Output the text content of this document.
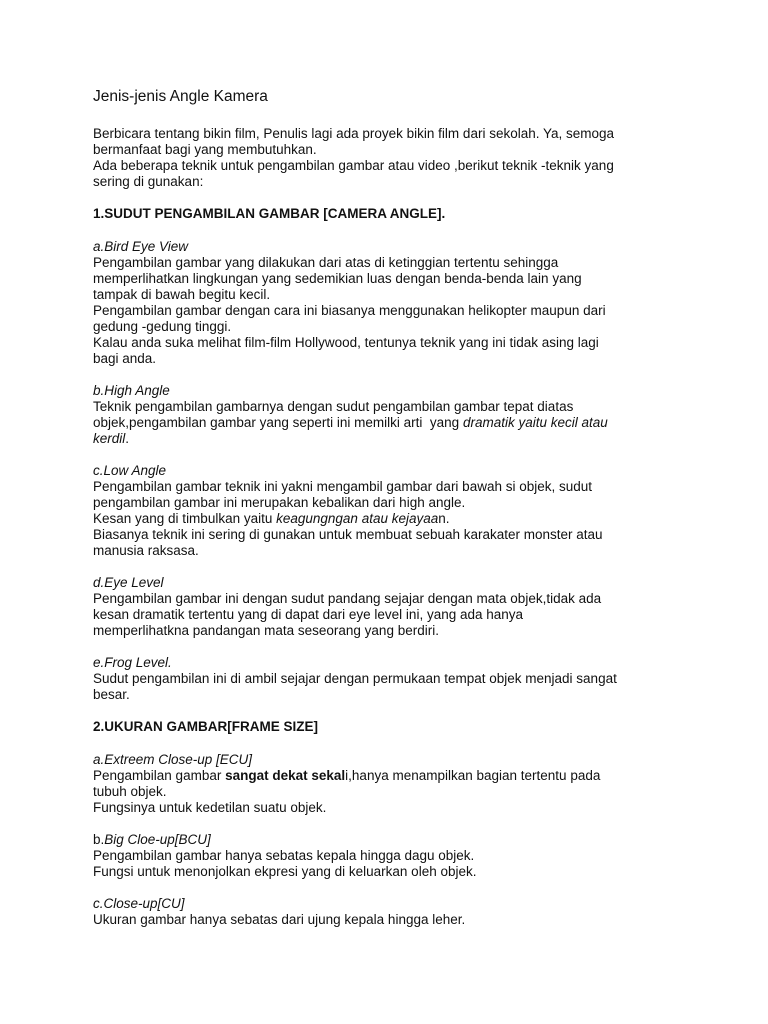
Jenis-jenis Angle Kamera
Berbicara tentang bikin film, Penulis lagi ada proyek bikin film dari sekolah. Ya, semoga
bermanfaat bagi yang membutuhkan.
Ada beberapa teknik untuk pengambilan gambar atau video ,berikut teknik -teknik yang
sering di gunakan:
1.SUDUT PENGAMBILAN GAMBAR [CAMERA ANGLE].
a.Bird Eye View
Pengambilan gambar yang dilakukan dari atas di ketinggian tertentu sehingga
memperlihatkan lingkungan yang sedemikian luas dengan benda-benda lain yang
tampak di bawah begitu kecil.
Pengambilan gambar dengan cara ini biasanya menggunakan helikopter maupun dari
gedung -gedung tinggi.
Kalau anda suka melihat film-film Hollywood, tentunya teknik yang ini tidak asing lagi
bagi anda.
b.High Angle
Teknik pengambilan gambarnya dengan sudut pengambilan gambar tepat diatas
objek,pengambilan gambar yang seperti ini memilki arti  yang dramatik yaitu kecil atau
kerdil.
c.Low Angle
Pengambilan gambar teknik ini yakni mengambil gambar dari bawah si objek, sudut
pengambilan gambar ini merupakan kebalikan dari high angle.
Kesan yang di timbulkan yaitu keagungngan atau kejayaan.
Biasanya teknik ini sering di gunakan untuk membuat sebuah karakater monster atau
manusia raksasa.
d.Eye Level
Pengambilan gambar ini dengan sudut pandang sejajar dengan mata objek,tidak ada
kesan dramatik tertentu yang di dapat dari eye level ini, yang ada hanya
memperlihatkna pandangan mata seseorang yang berdiri.
e.Frog Level.
Sudut pengambilan ini di ambil sejajar dengan permukaan tempat objek menjadi sangat
besar.
2.UKURAN GAMBAR[FRAME SIZE]
a.Extreem Close-up [ECU]
Pengambilan gambar sangat dekat sekali,hanya menampilkan bagian tertentu pada
tubuh objek.
Fungsinya untuk kedetilan suatu objek.
b.Big Cloe-up[BCU]
Pengambilan gambar hanya sebatas kepala hingga dagu objek.
Fungsi untuk menonjolkan ekpresi yang di keluarkan oleh objek.
c.Close-up[CU]
Ukuran gambar hanya sebatas dari ujung kepala hingga leher.
